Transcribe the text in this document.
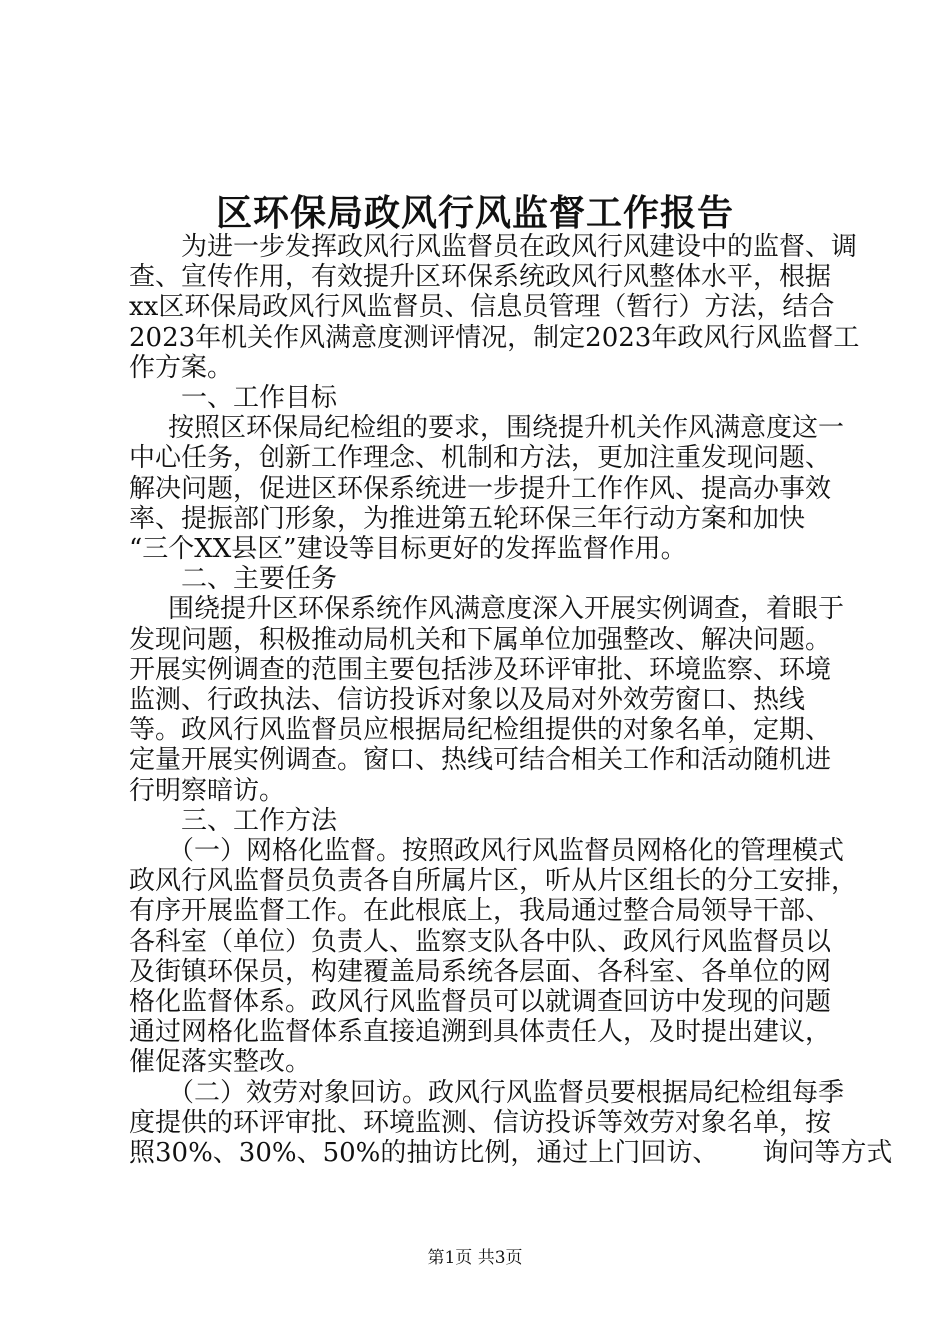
区环保局政风行风监督工作报告
为进一步发挥政风行风监督员在政风行风建设中的监督、调
查、宣传作用，有效提升区环保系统政风行风整体水平，根据
xx区环保局政风行风监督员、信息员管理（暂行）方法，结合
2023年机关作风满意度测评情况，制定2023年政风行风监督工
作方案。
一、工作目标
按照区环保局纪检组的要求，围绕提升机关作风满意度这一
中心任务，创新工作理念、机制和方法，更加注重发现问题、
解决问题，促进区环保系统进一步提升工作作风、提高办事效
率、提振部门形象，为推进第五轮环保三年行动方案和加快
“三个XX县区”建设等目标更好的发挥监督作用。
二、主要任务
围绕提升区环保系统作风满意度深入开展实例调查，着眼于
发现问题，积极推动局机关和下属单位加强整改、解决问题。
开展实例调查的范围主要包括涉及环评审批、环境监察、环境
监测、行政执法、信访投诉对象以及局对外效劳窗口、热线
等。政风行风监督员应根据局纪检组提供的对象名单，定期、
定量开展实例调查。窗口、热线可结合相关工作和活动随机进
行明察暗访。
三、工作方法
（一）网格化监督。按照政风行风监督员网格化的管理模式
政风行风监督员负责各自所属片区，听从片区组长的分工安排，
有序开展监督工作。在此根底上，我局通过整合局领导干部、
各科室（单位）负责人、监察支队各中队、政风行风监督员以
及街镇环保员，构建覆盖局系统各层面、各科室、各单位的网
格化监督体系。政风行风监督员可以就调查回访中发现的问题
通过网格化监督体系直接追溯到具体责任人，及时提出建议，
催促落实整改。
（二）效劳对象回访。政风行风监督员要根据局纪检组每季
度提供的环评审批、环境监测、信访投诉等效劳对象名单，按
照30%、30%、50%的抽访比例，通过上门回访、 询问等方式
第1页 共3页
